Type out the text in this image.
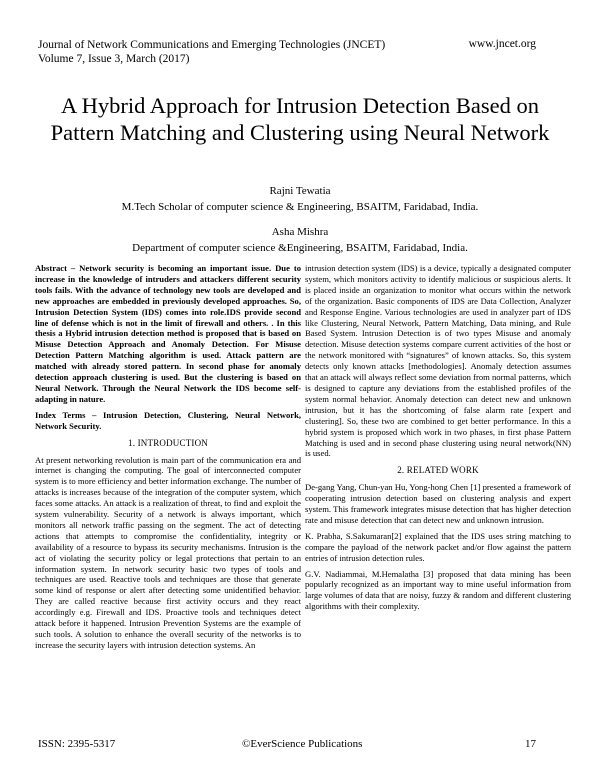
Journal of Network Communications and Emerging Technologies (JNCET)
Volume 7, Issue 3, March (2017)
www.jncet.org
A Hybrid Approach for Intrusion Detection Based on Pattern Matching and Clustering using Neural Network
Rajni Tewatia
M.Tech Scholar of computer science & Engineering, BSAITM, Faridabad, India.
Asha Mishra
Department of computer science &Engineering, BSAITM, Faridabad, India.

Abstract – Network security is becoming an important issue. Due to increase in the knowledge of intruders and attackers different security tools fails. With the advance of technology new tools are developed and new approaches are embedded in previously developed approaches. So, Intrusion Detection System (IDS) comes into role.IDS provide second line of defense which is not in the limit of firewall and others. . In this thesis a Hybrid intrusion detection method is proposed that is based on Misuse Detection Approach and Anomaly Detection. For Misuse Detection Pattern Matching algorithm is used. Attack pattern are matched with already stored pattern. In second phase for anomaly detection approach clustering is used. But the clustering is based on Neural Network. Through the Neural Network the IDS become self-adapting in nature.

Index Terms – Intrusion Detection, Clustering, Neural Network, Network Security.

1. INTRODUCTION

At present networking revolution is main part of the communication era and internet is changing the computing. The goal of interconnected computer system is to more efficiency and better information exchange. The number of attacks is increases because of the integration of the computer system, which faces some attacks. An attack is a realization of threat, to find and exploit the system vulnerability. Security of a network is always important, which monitors all network traffic passing on the segment. The act of detecting actions that attempts to compromise the confidentiality, integrity or availability of a resource to bypass its security mechanisms. Intrusion is the act of violating the security policy or legal protections that pertain to an information system. In network security basic two types of tools and techniques are used. Reactive tools and techniques are those that generate some kind of response or alert after detecting some unidentified behavior. They are called reactive because first activity occurs and they react accordingly e.g. Firewall and IDS. Proactive tools and techniques detect attack before it happened. Intrusion Prevention Systems are the example of such tools. A solution to enhance the overall security of the networks is to increase the security layers with intrusion detection systems. An

intrusion detection system (IDS) is a device, typically a designated computer system, which monitors activity to identify malicious or suspicious alerts. It is placed inside an organization to monitor what occurs within the network of the organization. Basic components of IDS are Data Collection, Analyzer and Response Engine. Various technologies are used in analyzer part of IDS like Clustering, Neural Network, Pattern Matching, Data mining, and Rule Based System. Intrusion Detection is of two types Misuse and anomaly detection. Misuse detection systems compare current activities of the host or the network monitored with “signatures” of known attacks. So, this system detects only known attacks [methodologies]. Anomaly detection assumes that an attack will always reflect some deviation from normal patterns, which is designed to capture any deviations from the established profiles of the system normal behavior. Anomaly detection can detect new and unknown intrusion, but it has the shortcoming of false alarm rate [expert and clustering]. So, these two are combined to get better performance. In this a hybrid system is proposed which work in two phases, in first phase Pattern Matching is used and in second phase clustering using neural network(NN) is used.

2. RELATED WORK

De-gang Yang, Chun-yan Hu, Yong-hong Chen [1] presented a framework of cooperating intrusion detection based on clustering analysis and expert system. This framework integrates misuse detection that has higher detection rate and misuse detection that can detect new and unknown intrusion.

K. Prabha, S.Sakumaran[2] explained that the IDS uses string matching to compare the payload of the network packet and/or flow against the pattern entries of intrusion detection rules.

G.V. Nadiammai, M.Hemalatha [3] proposed that data mining has been popularly recognized as an important way to mine useful information from large volumes of data that are noisy, fuzzy & random and different clustering algorithms with their complexity.

ISSN: 2395-5317	©EverScience Publications	17
